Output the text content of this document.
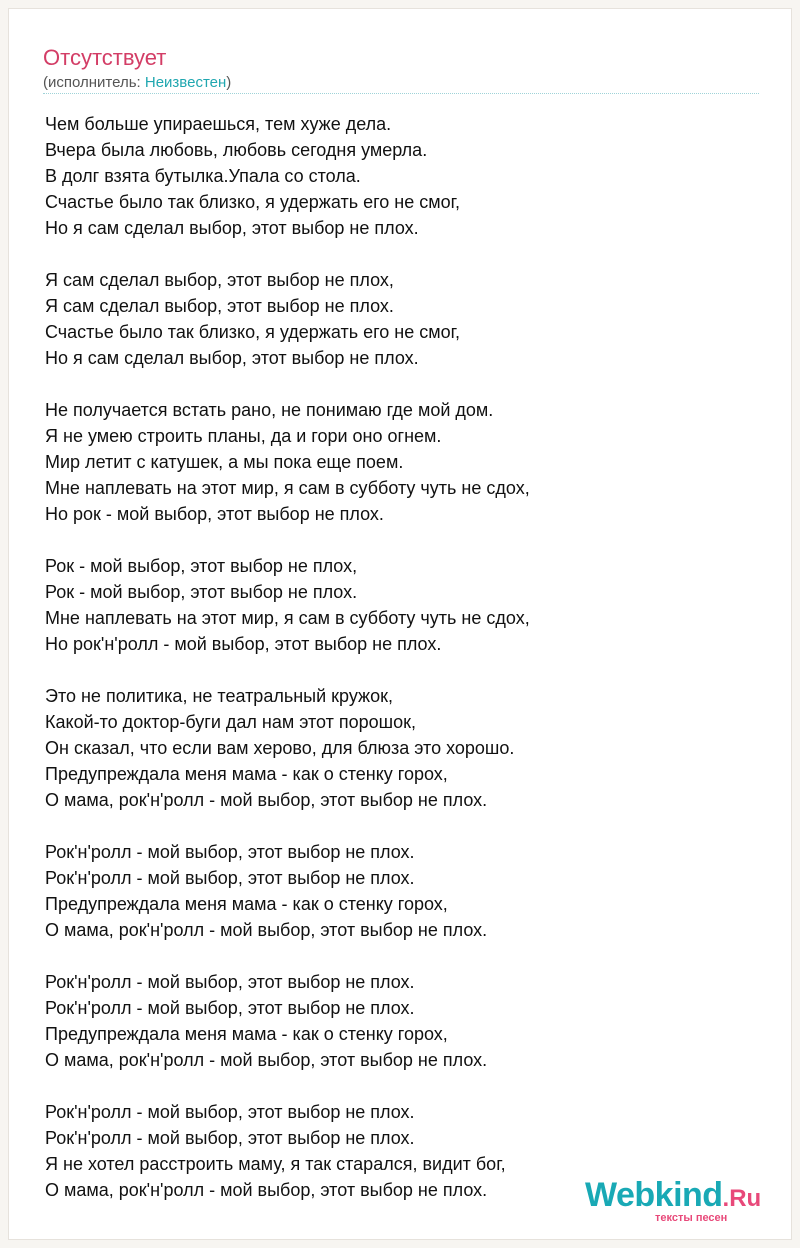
Отсутствует
(исполнитель: Неизвестен)
Чем больше упираешься, тем хуже дела.
Вчера была любовь, любовь сегодня умерла.
В долг взята бутылка.Упала со стола.
Счастье было так близко, я удержать его не смог,
Но я сам сделал выбор, этот выбор не плох.
Я сам сделал выбор, этот выбор не плох,
Я сам сделал выбор, этот выбор не плох.
Счастье было так близко, я удержать его не смог,
Но я сам сделал выбор, этот выбор не плох.
Не получается встать рано, не понимаю где мой дом.
Я не умею строить планы, да и гори оно огнем.
Мир летит с катушек, а мы пока еще поем.
Мне наплевать на этот мир, я сам в субботу чуть не сдох,
Но рок - мой выбор, этот выбор не плох.
Рок - мой выбор, этот выбор не плох,
Рок - мой выбор, этот выбор не плох.
Мне наплевать на этот мир, я сам в субботу чуть не сдох,
Но рок'н'ролл - мой выбор, этот выбор не плох.
Это не политика, не театральный кружок,
Какой-то доктор-буги дал нам этот порошок,
Он сказал, что если вам херово, для блюза это хорошо.
Предупреждала меня мама - как о стенку горох,
О мама, рок'н'ролл - мой выбор, этот выбор не плох.
Рок'н'ролл - мой выбор, этот выбор не плох.
Рок'н'ролл - мой выбор, этот выбор не плох.
Предупреждала меня мама - как о стенку горох,
О мама, рок'н'ролл - мой выбор, этот выбор не плох.
Рок'н'ролл - мой выбор, этот выбор не плох.
Рок'н'ролл - мой выбор, этот выбор не плох.
Предупреждала меня мама - как о стенку горох,
О мама, рок'н'ролл - мой выбор, этот выбор не плох.
Рок'н'ролл - мой выбор, этот выбор не плох.
Рок'н'ролл - мой выбор, этот выбор не плох.
Я не хотел расстроить маму, я так старался, видит бог,
О мама, рок'н'ролл - мой выбор, этот выбор не плох.	Webkind.Ru
тексты песен
